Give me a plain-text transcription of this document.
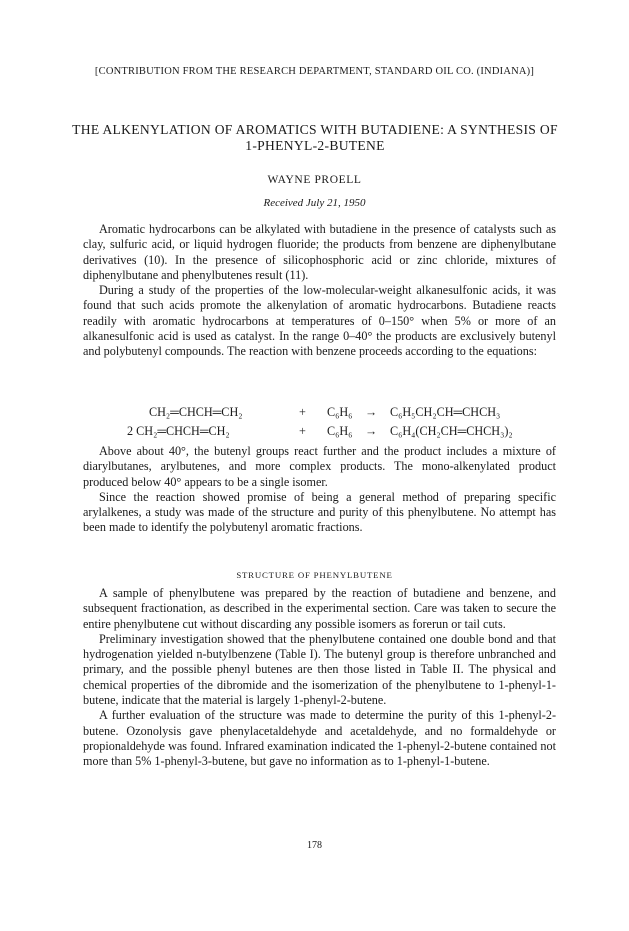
[CONTRIBUTION FROM THE RESEARCH DEPARTMENT, STANDARD OIL CO. (INDIANA)]
THE ALKENYLATION OF AROMATICS WITH BUTADIENE: A SYNTHESIS OF 1-PHENYL-2-BUTENE
WAYNE PROELL
Received July 21, 1950

Aromatic hydrocarbons can be alkylated with butadiene in the presence of catalysts such as clay, sulfuric acid, or liquid hydrogen fluoride; the products from benzene are diphenylbutane derivatives (10). In the presence of silicophosphoric acid or zinc chloride, mixtures of diphenylbutane and phenylbutenes result (11).

During a study of the properties of the low-molecular-weight alkanesulfonic acids, it was found that such acids promote the alkenylation of aromatic hydrocarbons. Butadiene reacts readily with aromatic hydrocarbons at temperatures of 0–150° when 5% or more of an alkanesulfonic acid is used as catalyst. In the range 0–40° the products are exclusively butenyl and polybutenyl compounds. The reaction with benzene proceeds according to the equations:

CH₂═CHCH═CH₂	+ C₆H₆ → C₆H₅CH₂CH═CHCH₃
2 CH₂═CHCH═CH₂	+ C₆H₆ → C₆H₄(CH₂CH═CHCH₃)₂

Above about 40°, the butenyl groups react further and the product includes a mixture of diarylbutanes, arylbutenes, and more complex products. The mono-alkenylated product produced below 40° appears to be a single isomer.

Since the reaction showed promise of being a general method of preparing specific arylalkenes, a study was made of the structure and purity of this phenylbutene. No attempt has been made to identify the polybutenyl aromatic fractions.

STRUCTURE OF PHENYLBUTENE

A sample of phenylbutene was prepared by the reaction of butadiene and benzene, and subsequent fractionation, as described in the experimental section. Care was taken to secure the entire phenylbutene cut without discarding any possible isomers as forerun or tail cuts.

Preliminary investigation showed that the phenylbutene contained one double bond and that hydrogenation yielded n-butylbenzene (Table I). The butenyl group is therefore unbranched and primary, and the possible phenyl butenes are then those listed in Table II. The physical and chemical properties of the dibromide and the isomerization of the phenylbutene to 1-phenyl-1-butene, indicate that the material is largely 1-phenyl-2-butene.

A further evaluation of the structure was made to determine the purity of this 1-phenyl-2-butene. Ozonolysis gave phenylacetaldehyde and acetaldehyde, and no formaldehyde or propionaldehyde was found. Infrared examination indicated the 1-phenyl-2-butene contained not more than 5% 1-phenyl-3-butene, but gave no information as to 1-phenyl-1-butene.

178
